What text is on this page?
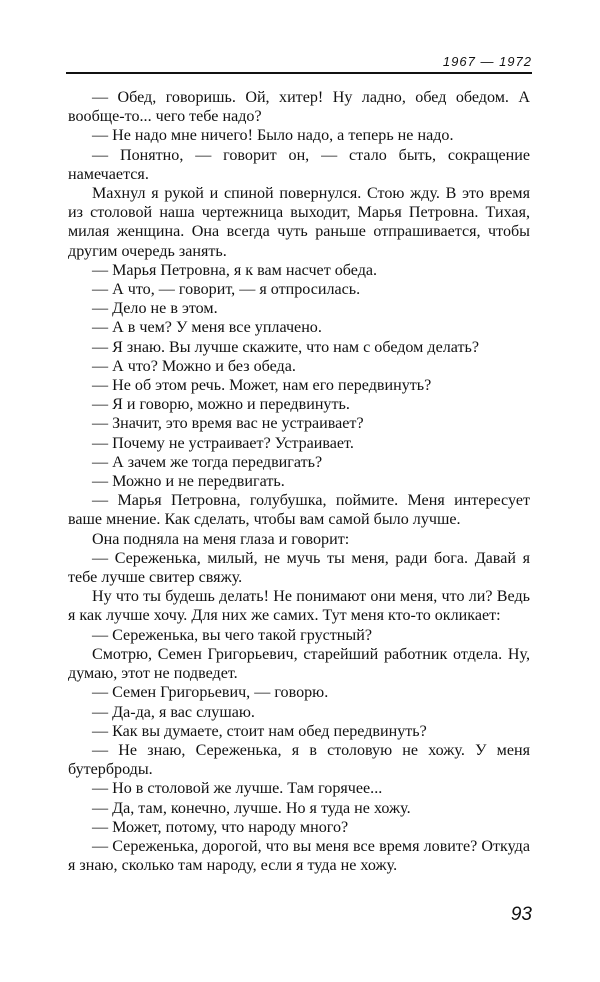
1967 — 1972

— Обед, говоришь. Ой, хитер! Ну ладно, обед обедом. А вообще-то... чего тебе надо?

— Не надо мне ничего! Было надо, а теперь не надо.

— Понятно, — говорит он, — стало быть, сокращение намечается.

Махнул я рукой и спиной повернулся. Стою жду. В это время из столовой наша чертежница выходит, Марья Петровна. Тихая, милая женщина. Она всегда чуть раньше отпрашивается, чтобы другим очередь занять.

— Марья Петровна, я к вам насчет обеда.

— А что, — говорит, — я отпросилась.

— Дело не в этом.

— А в чем? У меня все уплачено.

— Я знаю. Вы лучше скажите, что нам с обедом делать?

— А что? Можно и без обеда.

— Не об этом речь. Может, нам его передвинуть?

— Я и говорю, можно и передвинуть.

— Значит, это время вас не устраивает?

— Почему не устраивает? Устраивает.

— А зачем же тогда передвигать?

— Можно и не передвигать.

— Марья Петровна, голубушка, поймите. Меня интересует ваше мнение. Как сделать, чтобы вам самой было лучше.

Она подняла на меня глаза и говорит:

— Сереженька, милый, не мучь ты меня, ради бога. Давай я тебе лучше свитер свяжу.

Ну что ты будешь делать! Не понимают они меня, что ли? Ведь я как лучше хочу. Для них же самих. Тут меня кто-то окликает:

— Сереженька, вы чего такой грустный?

Смотрю, Семен Григорьевич, старейший работник отдела. Ну, думаю, этот не подведет.

— Семен Григорьевич, — говорю.

— Да-да, я вас слушаю.

— Как вы думаете, стоит нам обед передвинуть?

— Не знаю, Сереженька, я в столовую не хожу. У меня бутерброды.

— Но в столовой же лучше. Там горячее...

— Да, там, конечно, лучше. Но я туда не хожу.

— Может, потому, что народу много?

— Сереженька, дорогой, что вы меня все время ловите? Откуда я знаю, сколько там народу, если я туда не хожу.

93
